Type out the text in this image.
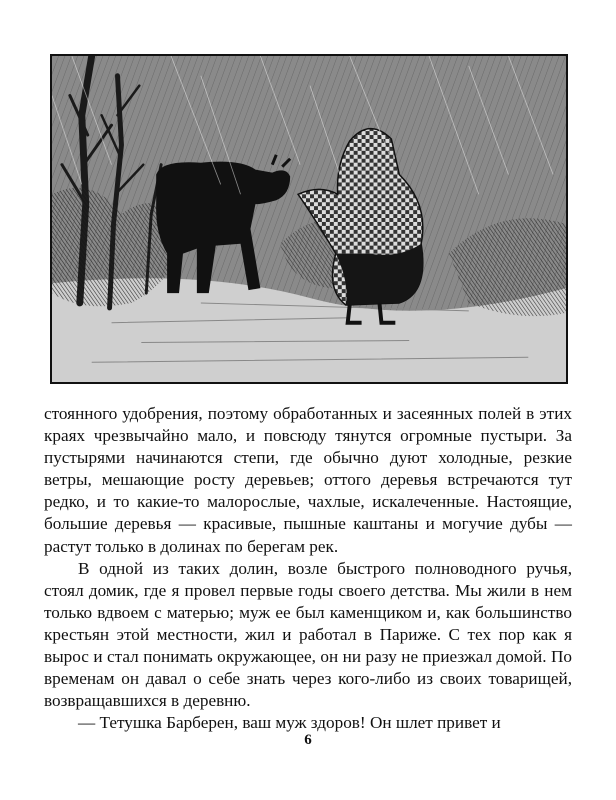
стоянного удобрения, поэтому обработанных и засеянных полей в этих краях чрезвычайно мало, и повсюду тянутся огромные пустыри. За пустырями начинаются степи, где обычно дуют холодные, резкие ветры, мешающие росту деревьев; оттого деревья встречаются тут редко, и то какие-то малорослые, чахлые, искалеченные. Настоящие, большие деревья — красивые, пышные каштаны и могучие дубы — растут только в долинах по берегам рек.

В одной из таких долин, возле быстрого полноводного ручья, стоял домик, где я провел первые годы своего детства. Мы жили в нем только вдвоем с матерью; муж ее был каменщиком и, как большинство крестьян этой местности, жил и работал в Париже. С тех пор как я вырос и стал понимать окружающее, он ни разу не приезжал домой. По временам он давал о себе знать через кого-либо из своих товарищей, возвращавшихся в деревню.

— Тетушка Барберен, ваш муж здоров! Он шлет привет и

6
